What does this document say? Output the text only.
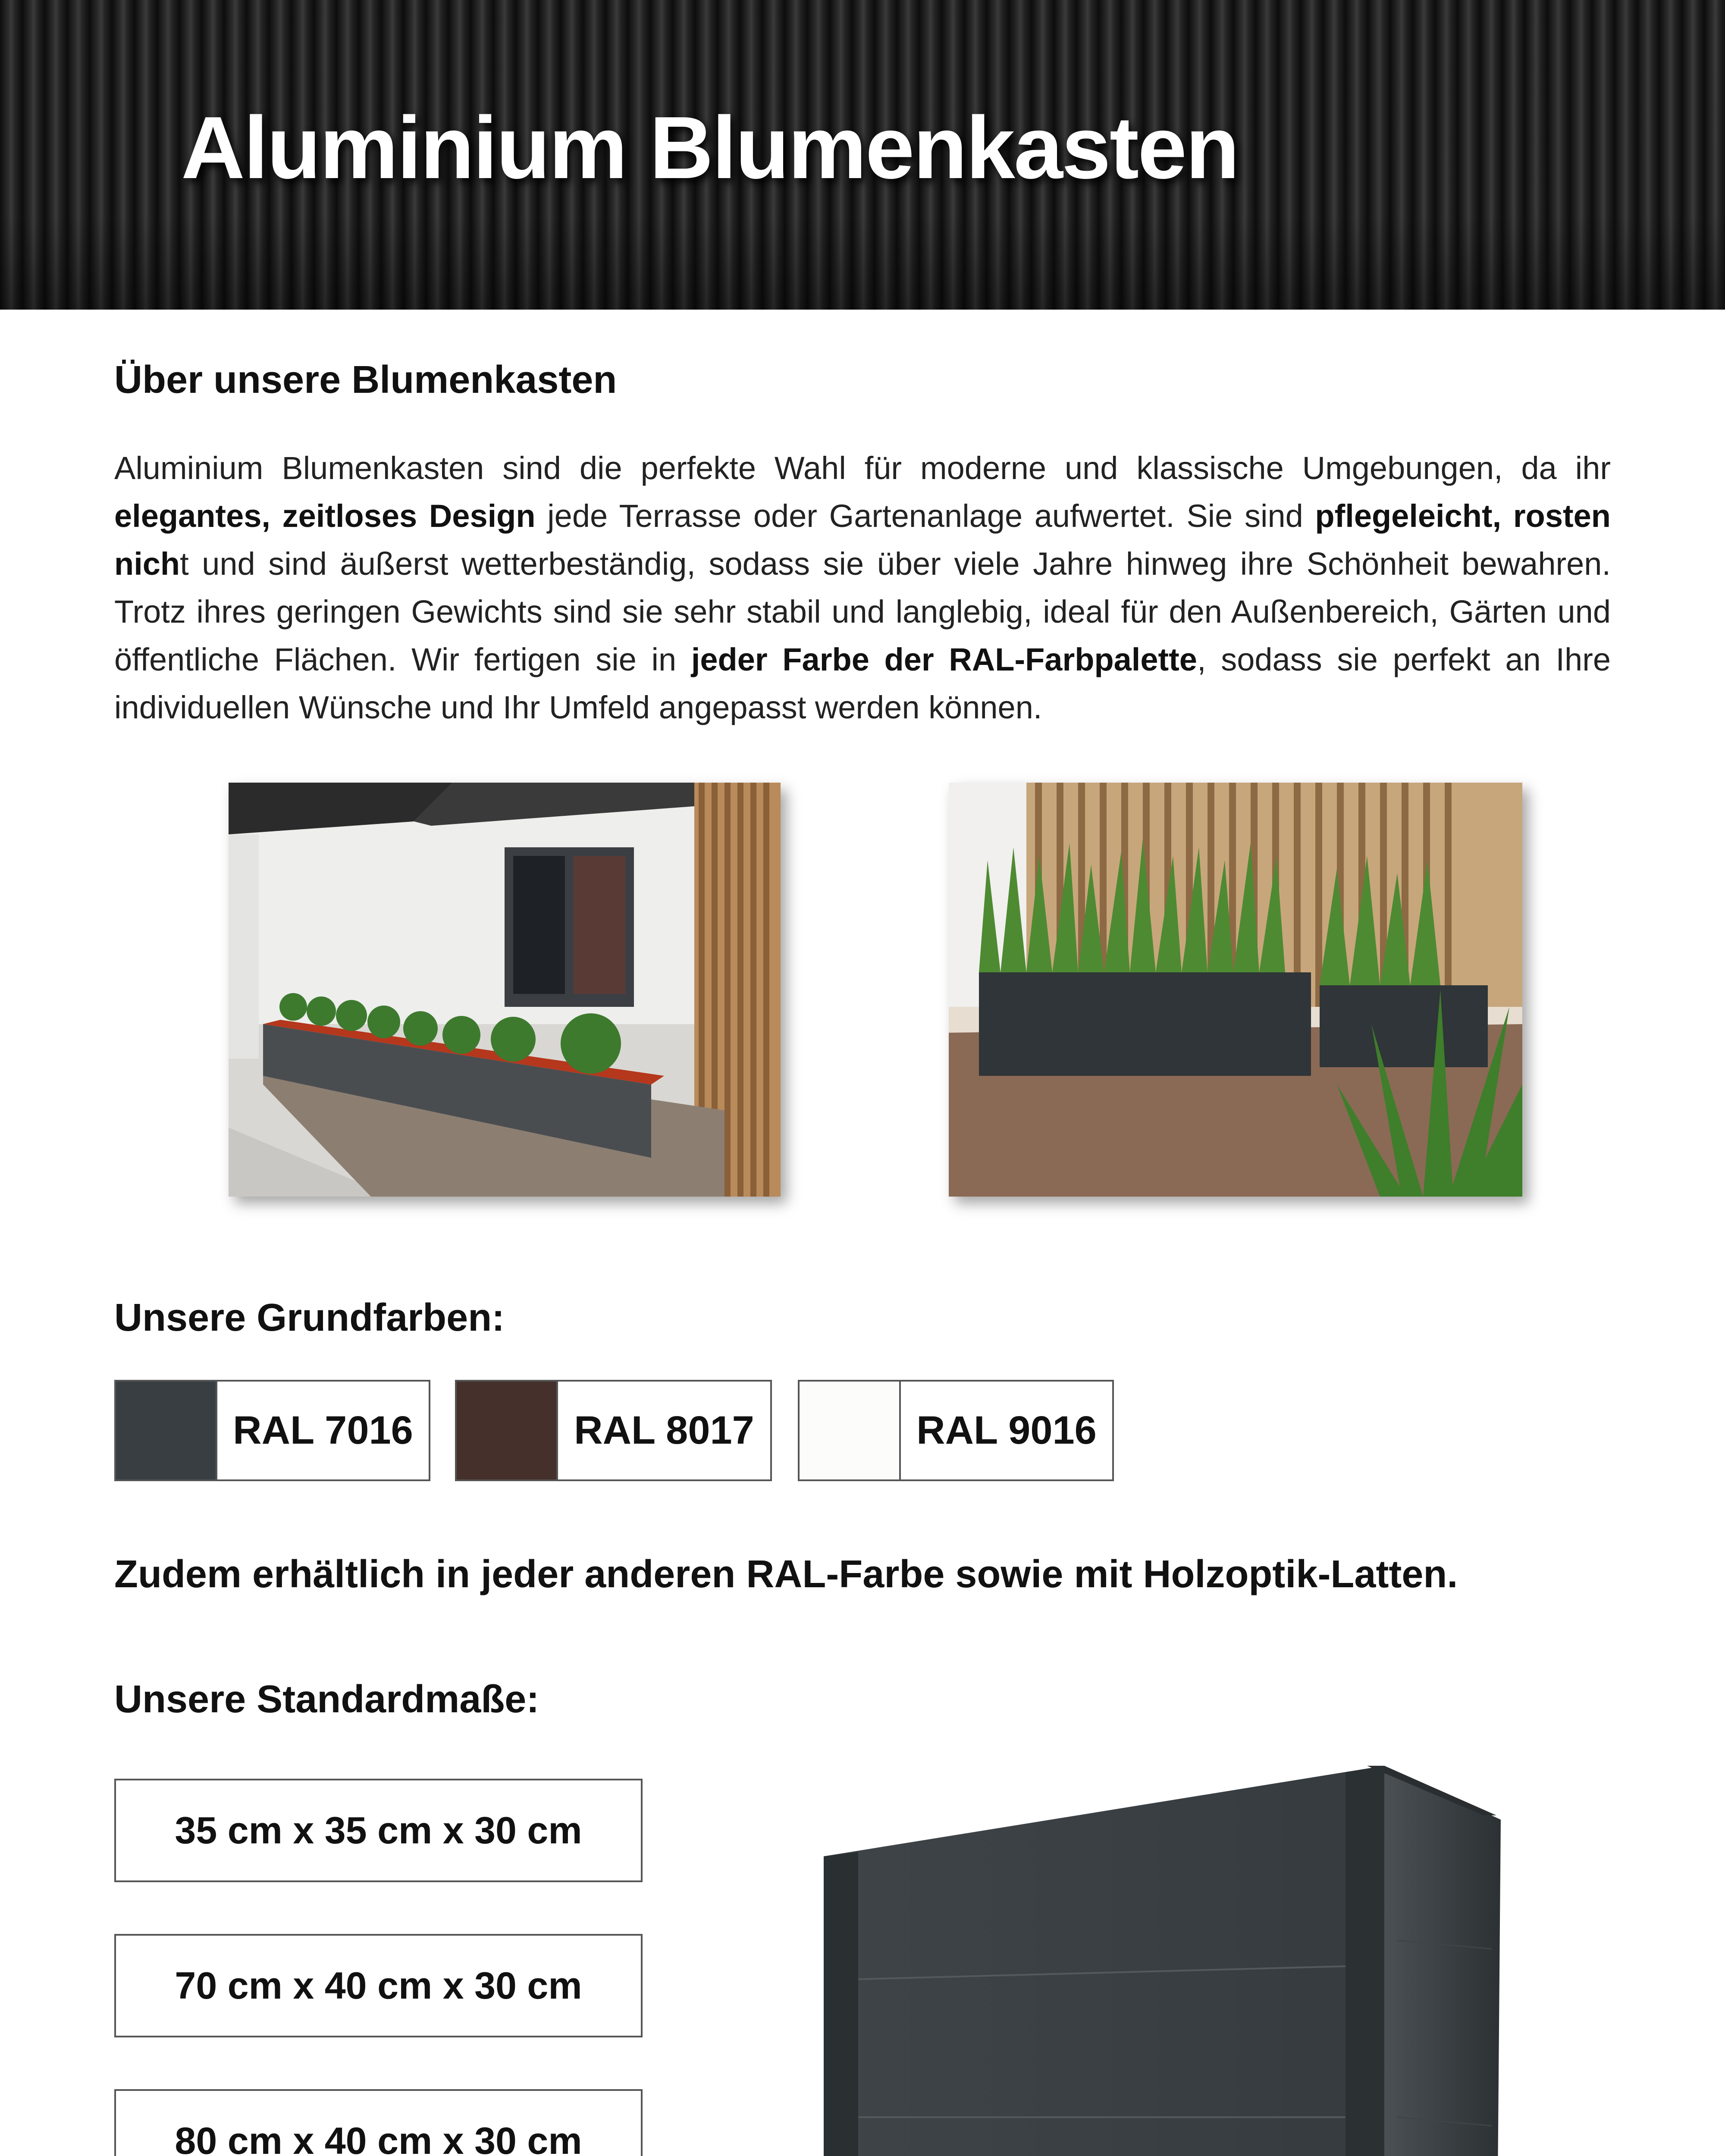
Aluminium Blumenkasten
Über unsere Blumenkasten

Aluminium Blumenkasten sind die perfekte Wahl für moderne und klassische Umgebungen, da ihr elegantes, zeitloses Design jede Terrasse oder Gartenanlage aufwertet. Sie sind pflegeleicht, rosten nicht und sind äußerst wetterbeständig, sodass sie über viele Jahre hinweg ihre Schönheit bewahren. Trotz ihres geringen Gewichts sind sie sehr stabil und langlebig, ideal für den Außenbereich, Gärten und öffentliche Flächen. Wir fertigen sie in jeder Farbe der RAL-Farbpalette, sodass sie perfekt an Ihre individuellen Wünsche und Ihr Umfeld angepasst werden können.

Unsere Grundfarben:
RAL 7016	RAL 8017	RAL 9016
Zudem erhältlich in jeder anderen RAL-Farbe sowie mit Holzoptik-Latten.
Unsere Standardmaße:
35 cm x 35 cm x 30 cm
70 cm x 40 cm x 30 cm
80 cm x 40 cm x 30 cm
